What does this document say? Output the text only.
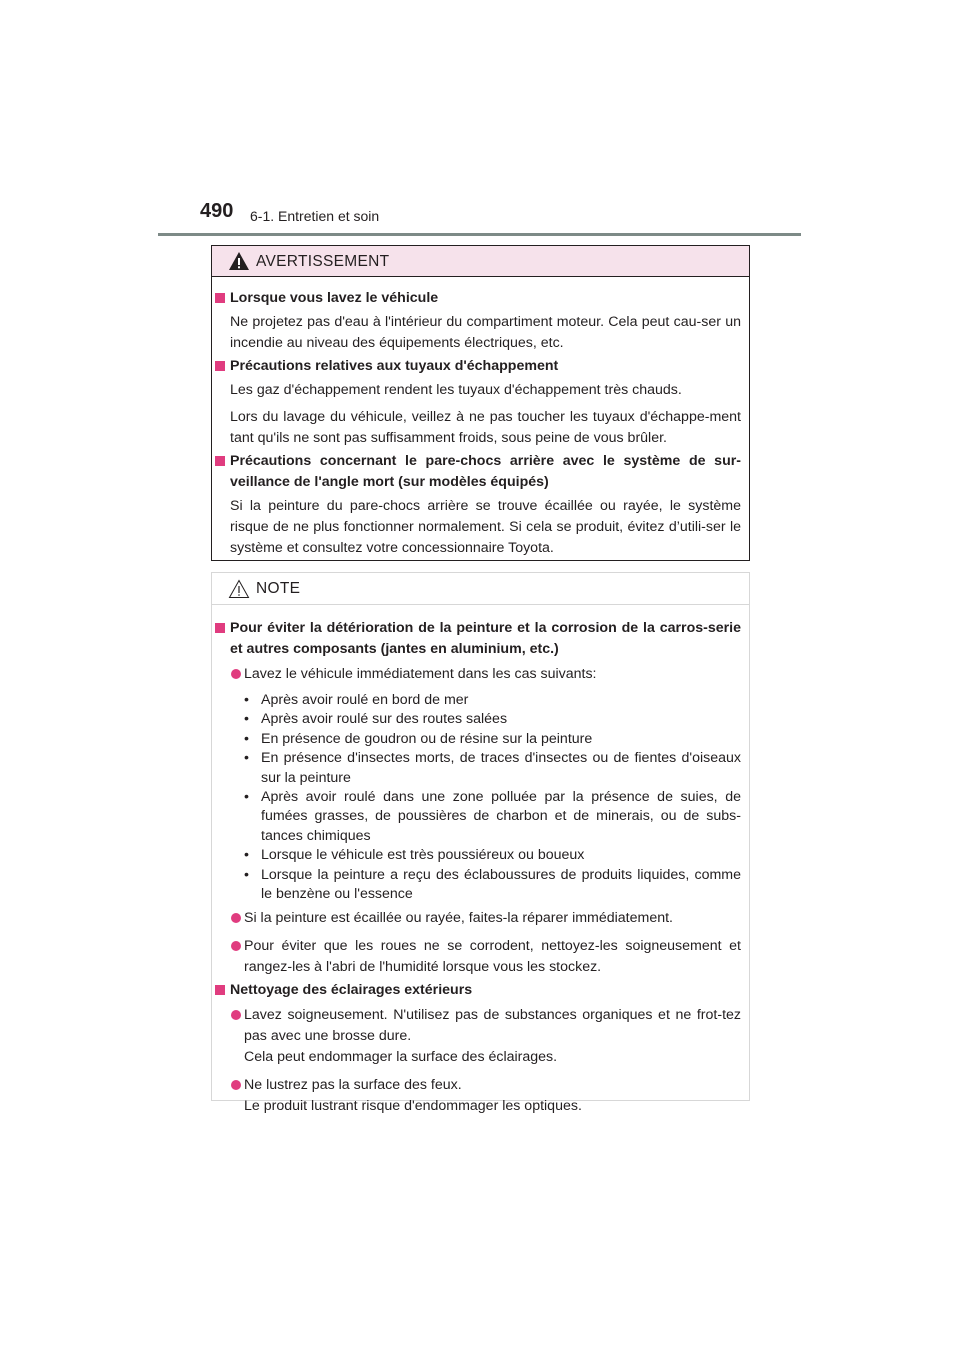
490 6-1. Entretien et soin
AVERTISSEMENT
Lorsque vous lavez le véhicule
Ne projetez pas d'eau à l'intérieur du compartiment moteur. Cela peut cau-ser un incendie au niveau des équipements électriques, etc.
Précautions relatives aux tuyaux d'échappement
Les gaz d'échappement rendent les tuyaux d'échappement très chauds.
Lors du lavage du véhicule, veillez à ne pas toucher les tuyaux d'échappe-ment tant qu'ils ne sont pas suffisamment froids, sous peine de vous brûler.
Précautions concernant le pare-chocs arrière avec le système de sur-veillance de l'angle mort (sur modèles équipés)
Si la peinture du pare-chocs arrière se trouve écaillée ou rayée, le système risque de ne plus fonctionner normalement. Si cela se produit, évitez d’utili-ser le système et consultez votre concessionnaire Toyota.
NOTE
Pour éviter la détérioration de la peinture et la corrosion de la carros-serie et autres composants (jantes en aluminium, etc.)
Lavez le véhicule immédiatement dans les cas suivants:
• Après avoir roulé en bord de mer
• Après avoir roulé sur des routes salées
• En présence de goudron ou de résine sur la peinture
• En présence d'insectes morts, de traces d'insectes ou de fientes d'oiseaux sur la peinture
• Après avoir roulé dans une zone polluée par la présence de suies, de fumées grasses, de poussières de charbon et de minerais, ou de subs-tances chimiques
• Lorsque le véhicule est très poussiéreux ou boueux
• Lorsque la peinture a reçu des éclaboussures de produits liquides, comme le benzène ou l'essence
Si la peinture est écaillée ou rayée, faites-la réparer immédiatement.
Pour éviter que les roues ne se corrodent, nettoyez-les soigneusement et rangez-les à l'abri de l'humidité lorsque vous les stockez.
Nettoyage des éclairages extérieurs
Lavez soigneusement. N'utilisez pas de substances organiques et ne frot-tez pas avec une brosse dure.
Cela peut endommager la surface des éclairages.
Ne lustrez pas la surface des feux.
Le produit lustrant risque d'endommager les optiques.
